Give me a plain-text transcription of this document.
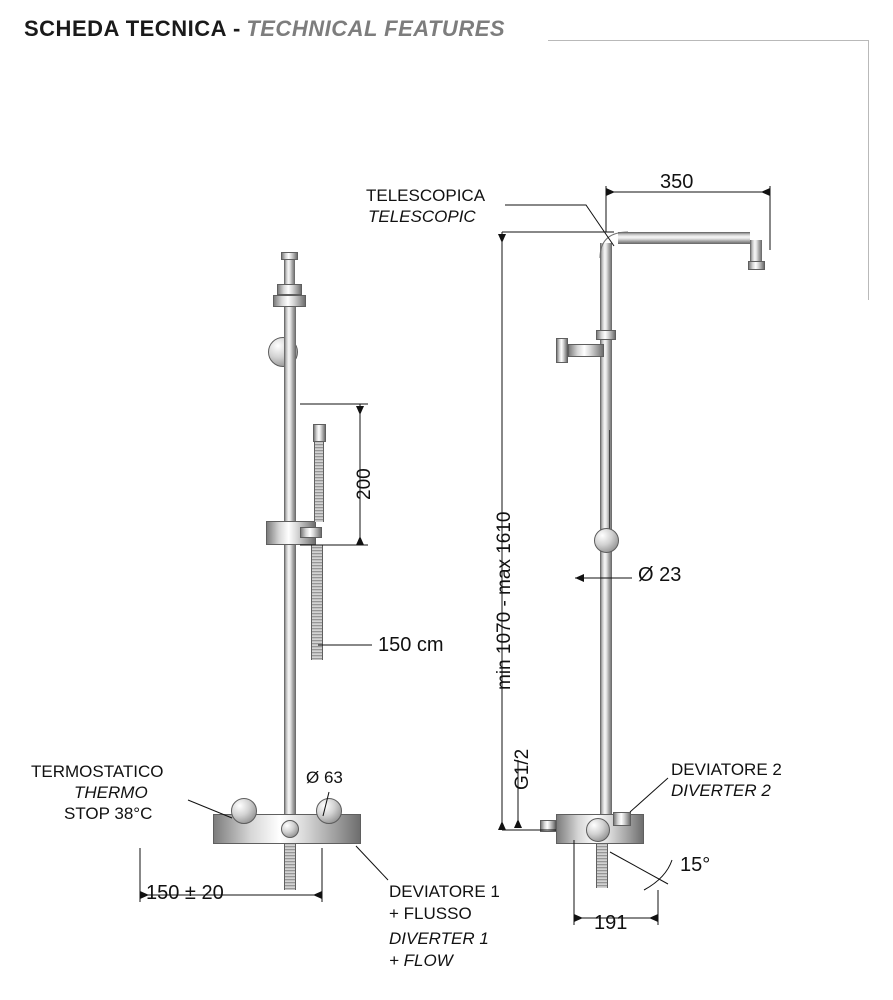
SCHEDA TECNICA - TECHNICAL FEATURES
TELESCOPICA
TELESCOPIC
350
min 1070 - max 1610
200
150 cm
Ø 23
Ø 63	G1/2
TERMOSTATICO
THERMO
STOP 38°C
150 ± 20	DEVIATORE 1
+ FLUSSO
DIVERTER 1
+ FLOW
DEVIATORE 2
DIVERTER 2
191
15°
